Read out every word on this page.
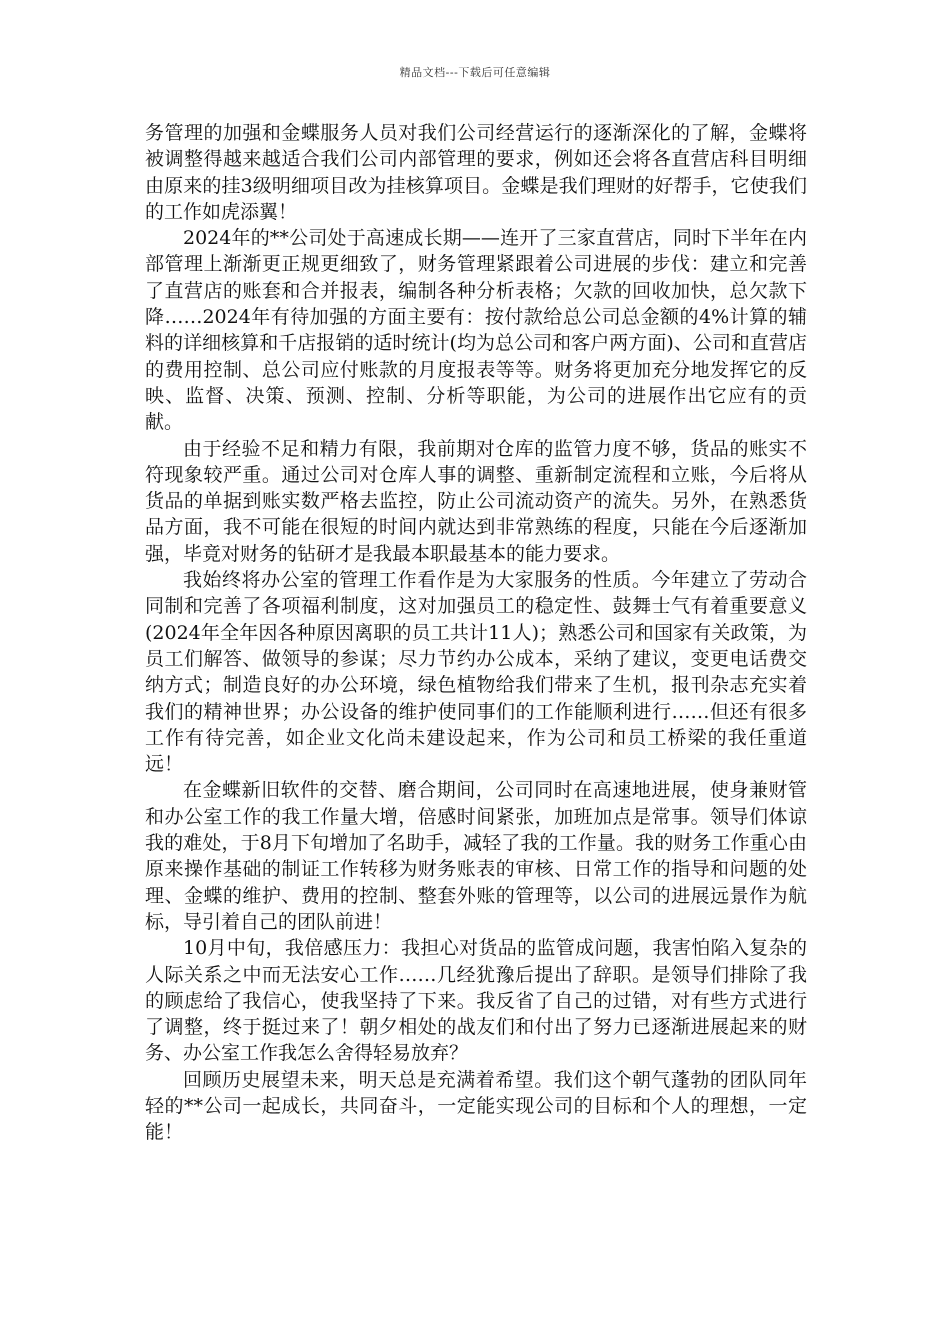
精品文档---下载后可任意编辑

务管理的加强和金蝶服务人员对我们公司经营运行的逐渐深化的了解，金蝶将被调整得越来越适合我们公司内部管理的要求，例如还会将各直营店科目明细由原来的挂3级明细项目改为挂核算项目。金蝶是我们理财的好帮手，它使我们的工作如虎添翼！

2024年的**公司处于高速成长期——连开了三家直营店，同时下半年在内部管理上渐渐更正规更细致了，财务管理紧跟着公司进展的步伐：建立和完善了直营店的账套和合并报表，编制各种分析表格；欠款的回收加快，总欠款下降……2024年有待加强的方面主要有：按付款给总公司总金额的4%计算的辅料的详细核算和千店报销的适时统计(均为总公司和客户两方面)、公司和直营店的费用控制、总公司应付账款的月度报表等等。财务将更加充分地发挥它的反映、监督、决策、预测、控制、分析等职能，为公司的进展作出它应有的贡献。

由于经验不足和精力有限，我前期对仓库的监管力度不够，货品的账实不符现象较严重。通过公司对仓库人事的调整、重新制定流程和立账，今后将从货品的单据到账实数严格去监控，防止公司流动资产的流失。另外，在熟悉货品方面，我不可能在很短的时间内就达到非常熟练的程度，只能在今后逐渐加强，毕竟对财务的钻研才是我最本职最基本的能力要求。

我始终将办公室的管理工作看作是为大家服务的性质。今年建立了劳动合同制和完善了各项福利制度，这对加强员工的稳定性、鼓舞士气有着重要意义(2024年全年因各种原因离职的员工共计11人)；熟悉公司和国家有关政策，为员工们解答、做领导的参谋；尽力节约办公成本，采纳了建议，变更电话费交纳方式；制造良好的办公环境，绿色植物给我们带来了生机，报刊杂志充实着我们的精神世界；办公设备的维护使同事们的工作能顺利进行……但还有很多工作有待完善，如企业文化尚未建设起来，作为公司和员工桥梁的我任重道远！

在金蝶新旧软件的交替、磨合期间，公司同时在高速地进展，使身兼财管和办公室工作的我工作量大增，倍感时间紧张，加班加点是常事。领导们体谅我的难处，于8月下旬增加了名助手，减轻了我的工作量。我的财务工作重心由原来操作基础的制证工作转移为财务账表的审核、日常工作的指导和问题的处理、金蝶的维护、费用的控制、整套外账的管理等，以公司的进展远景作为航标，导引着自己的团队前进！

10月中旬，我倍感压力：我担心对货品的监管成问题，我害怕陷入复杂的人际关系之中而无法安心工作……几经犹豫后提出了辞职。是领导们排除了我的顾虑给了我信心，使我坚持了下来。我反省了自己的过错，对有些方式进行了调整，终于挺过来了！朝夕相处的战友们和付出了努力已逐渐进展起来的财务、办公室工作我怎么舍得轻易放弃？

回顾历史展望未来，明天总是充满着希望。我们这个朝气蓬勃的团队同年轻的**公司一起成长，共同奋斗，一定能实现公司的目标和个人的理想，一定能！
